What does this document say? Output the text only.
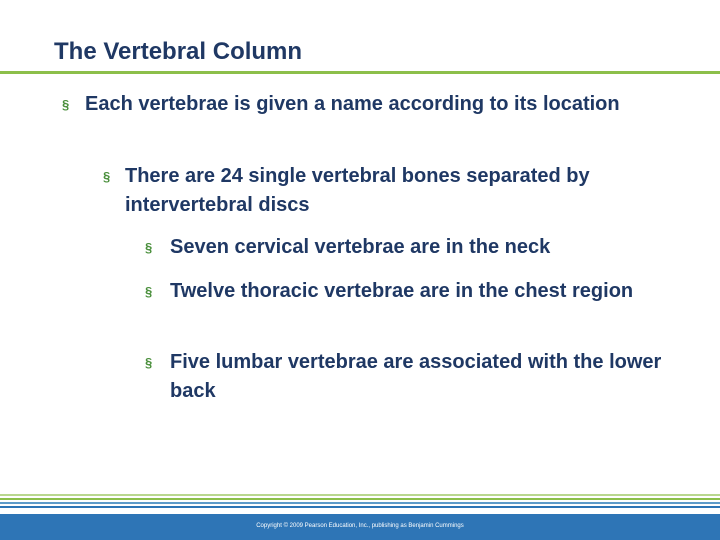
The Vertebral Column
§ Each vertebrae is given a name according to its location
§ There are 24 single vertebral bones separated by intervertebral discs
§ Seven cervical vertebrae are in the neck
§ Twelve thoracic vertebrae are in the chest region
§ Five lumbar vertebrae are associated with the lower back
Copyright © 2009 Pearson Education, Inc., publishing as Benjamin Cummings
